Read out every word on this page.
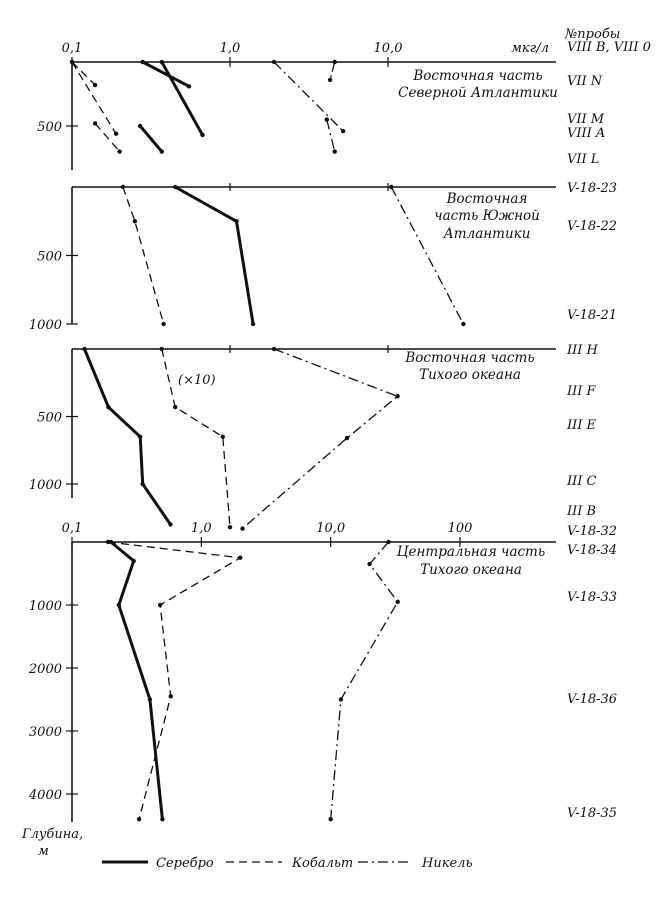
0,1	1,0	10,0
500
мкг/л
Восточная часть
Северной Атлантики
VIII B, VIII 0
VII N
VII M
VIII A
VII L
500
1000
Восточная
часть Южной
Атлантики
V-18-23
V-18-22
V-18-21
500
1000
Восточная часть
Тихого океана
(×10)
III H
III F
III E
III C
III B
0,1	1,0	10,0	100
1000
2000
3000
4000
Центральная часть
Тихого океана
V-18-32
V-18-34
V-18-33
V-18-36
V-18-35
№пробы
Глубина,
м
Серебро	Кобальт	Никель
